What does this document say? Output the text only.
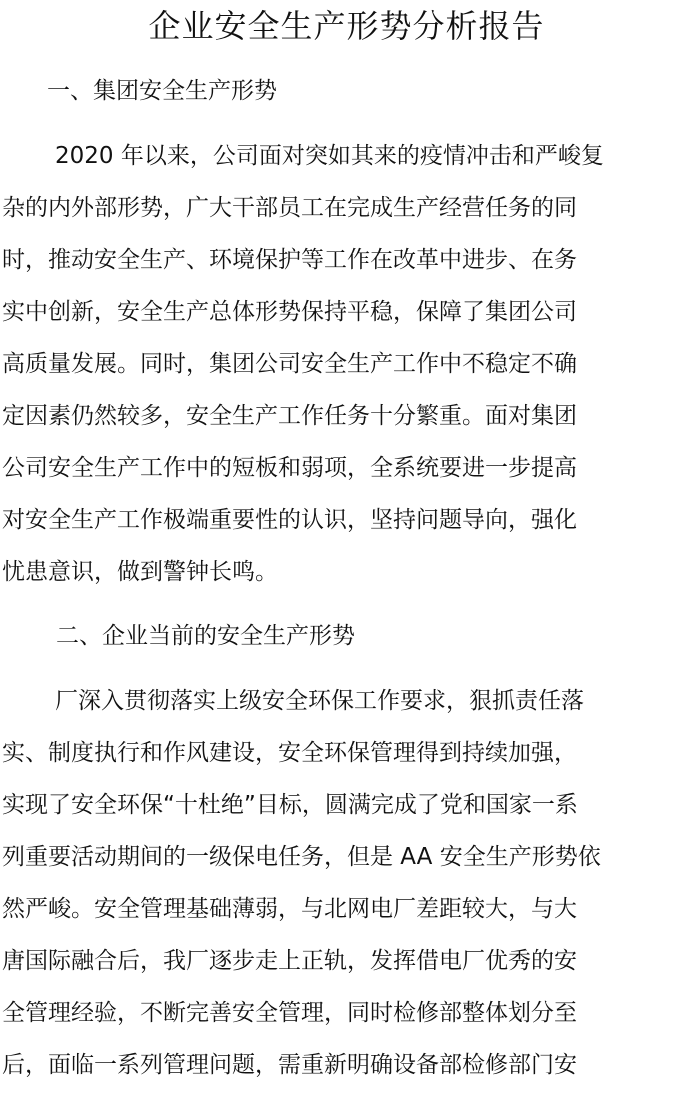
企业安全生产形势分析报告
一、集团安全生产形势
2020 年以来，公司面对突如其来的疫情冲击和严峻复
杂的内外部形势，广大干部员工在完成生产经营任务的同
时，推动安全生产、环境保护等工作在改革中进步、在务
实中创新，安全生产总体形势保持平稳，保障了集团公司
高质量发展。同时，集团公司安全生产工作中不稳定不确
定因素仍然较多，安全生产工作任务十分繁重。面对集团
公司安全生产工作中的短板和弱项，全系统要进一步提高
对安全生产工作极端重要性的认识，坚持问题导向，强化
忧患意识，做到警钟长鸣。
二、企业当前的安全生产形势
厂深入贯彻落实上级安全环保工作要求，狠抓责任落
实、制度执行和作风建设，安全环保管理得到持续加强，
实现了安全环保“十杜绝”目标，圆满完成了党和国家一系
列重要活动期间的一级保电任务，但是 AA 安全生产形势依
然严峻。安全管理基础薄弱，与北网电厂差距较大，与大
唐国际融合后，我厂逐步走上正轨，发挥借电厂优秀的安
全管理经验，不断完善安全管理，同时检修部整体划分至
后，面临一系列管理问题，需重新明确设备部检修部门安
